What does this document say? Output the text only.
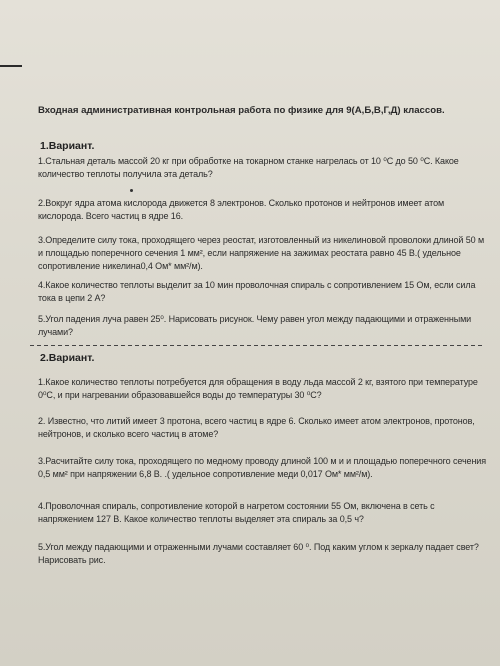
Входная административная контрольная работа по физике для 9(А,Б,В,Г,Д) классов.
1.Вариант.
1.Стальная деталь массой 20 кг при обработке на токарном станке нагрелась от 10 ⁰C до 50 ⁰C. Какое количество теплоты получила эта деталь?
2.Вокруг ядра атома кислорода движется 8 электронов. Сколько протонов и нейтронов имеет атом кислорода. Всего частиц в ядре 16.
3.Определите силу тока, проходящего через реостат, изготовленный из никелиновой проволоки длиной 50 м и площадью поперечного сечения 1 мм², если напряжение на зажимах реостата равно 45 В.( удельное сопротивление никелина0,4 Ом* мм²/м).
4.Какое количество теплоты выделит за 10 мин проволочная спираль с сопротивлением 15 Ом, если сила тока в цепи 2 А?
5.Угол падения луча равен 25⁰. Нарисовать рисунок. Чему равен угол между падающими и отраженными лучами?
2.Вариант.
1.Какое количество теплоты потребуется для обращения в воду льда массой 2 кг, взятого при температуре 0⁰C, и при нагревании образовавшейся воды до температуры 30 ⁰C?
2. Известно, что литий имеет 3 протона, всего частиц в ядре 6. Сколько имеет атом электронов, протонов, нейтронов, и сколько всего частиц в атоме?
3.Расчитайте силу тока, проходящего по медному проводу длиной 100 м и и площадью поперечного сечения 0,5 мм² при напряжении 6,8 В. .( удельное сопротивление меди 0,017 Ом* мм²/м).
4.Проволочная спираль, сопротивление которой в нагретом состоянии 55 Ом, включена в сеть с напряжением 127 В. Какое количество теплоты выделяет эта спираль за 0,5 ч?
5.Угол между падающими и отраженными лучами составляет 60 ⁰. Под каким углом к зеркалу падает свет? Нарисовать рис.
